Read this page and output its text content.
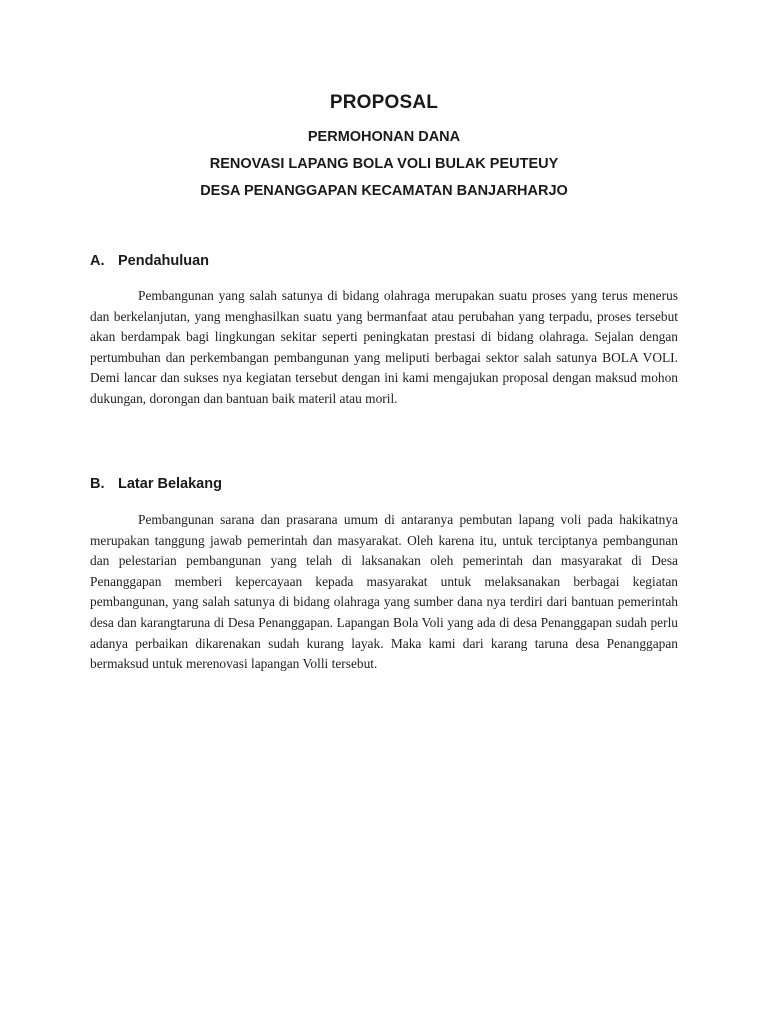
PROPOSAL
PERMOHONAN DANA
RENOVASI LAPANG BOLA VOLI BULAK PEUTEUY
DESA PENANGGAPAN KECAMATAN BANJARHARJO
A. Pendahuluan

Pembangunan yang salah satunya di bidang olahraga merupakan suatu proses yang terus menerus dan berkelanjutan, yang menghasilkan suatu yang bermanfaat atau perubahan yang terpadu, proses tersebut akan berdampak bagi lingkungan sekitar seperti peningkatan prestasi di bidang olahraga. Sejalan dengan pertumbuhan dan perkembangan pembangunan yang meliputi berbagai sektor salah satunya BOLA VOLI. Demi lancar dan sukses nya kegiatan tersebut dengan ini kami mengajukan proposal dengan maksud mohon dukungan, dorongan dan bantuan baik materil atau moril.

B. Latar Belakang

Pembangunan sarana dan prasarana umum di antaranya pembutan lapang voli pada hakikatnya merupakan tanggung jawab pemerintah dan masyarakat. Oleh karena itu, untuk terciptanya pembangunan dan pelestarian pembangunan yang telah di laksanakan oleh pemerintah dan masyarakat di Desa Penanggapan memberi kepercayaan kepada masyarakat untuk melaksanakan berbagai kegiatan pembangunan, yang salah satunya di bidang olahraga yang sumber dana nya terdiri dari bantuan pemerintah desa dan karangtaruna di Desa Penanggapan. Lapangan Bola Voli yang ada di desa Penanggapan sudah perlu adanya perbaikan dikarenakan sudah kurang layak. Maka kami dari karang taruna desa Penanggapan bermaksud untuk merenovasi lapangan Volli tersebut.
